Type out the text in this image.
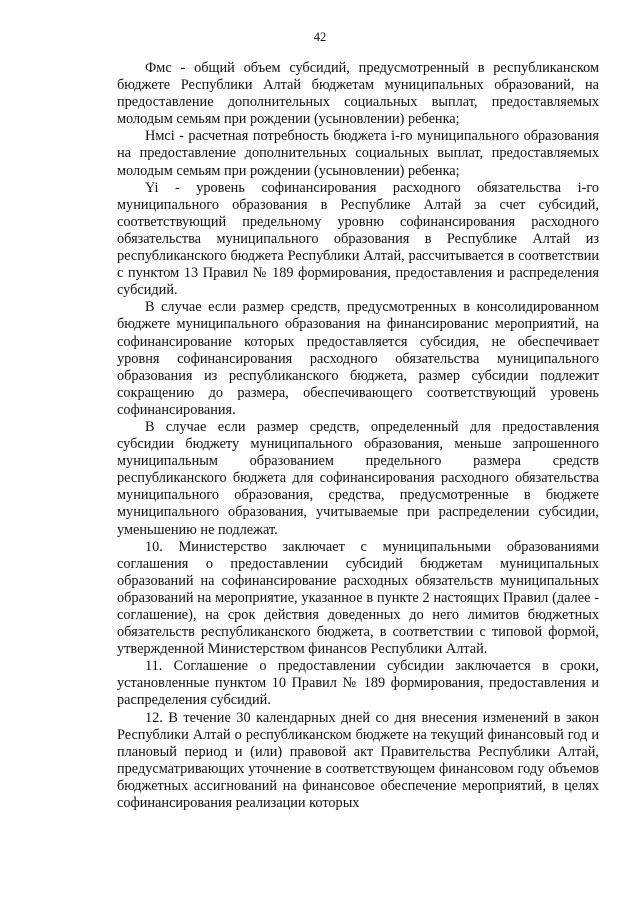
42

Фмс - общий объем субсидий, предусмотренный в республиканском бюджете Республики Алтай бюджетам муниципальных образований, на предоставление дополнительных социальных выплат, предоставляемых молодым семьям при рождении (усыновлении) ребенка;

Нмсi - расчетная потребность бюджета i-го муниципального образования на предоставление дополнительных социальных выплат, предоставляемых молодым семьям при рождении (усыновлении) ребенка;

Yi - уровень софинансирования расходного обязательства i-го муниципального образования в Республике Алтай за счет субсидий, соответствующий предельному уровню софинансирования расходного обязательства муниципального образования в Республике Алтай из республиканского бюджета Республики Алтай, рассчитывается в соответствии с пунктом 13 Правил № 189 формирования, предоставления и распределения субсидий.

В случае если размер средств, предусмотренных в консолидированном бюджете муниципального образования на финансированис мероприятий, на софинансирование которых предоставляется субсидия, не обеспечивает уровня софинансирования расходного обязательства муниципального образования из республиканского бюджета, размер субсидии подлежит сокращению до размера, обеспечивающего соответствующий уровень софинансирования.

В случае если размер средств, определенный для предоставления субсидии бюджету муниципального образования, меньше запрошенного муниципальным образованием предельного размера средств республиканского бюджета для софинансирования расходного обязательства муниципального образования, средства, предусмотренные в бюджете муниципального образования, учитываемые при распределении субсидии, уменьшению не подлежат.

10. Министерство заключает с муниципальными образованиями соглашения о предоставлении субсидий бюджетам муниципальных образований на софинансирование расходных обязательств муниципальных образований на мероприятие, указанное в пункте 2 настоящих Правил (далее - соглашение), на срок действия доведенных до него лимитов бюджетных обязательств республиканского бюджета, в соответствии с типовой формой, утвержденной Министерством финансов Республики Алтай.

11. Соглашение о предоставлении субсидии заключается в сроки, установленные пунктом 10 Правил № 189 формирования, предоставления и распределения субсидий.

12. В течение 30 календарных дней со дня внесения изменений в закон Республики Алтай о республиканском бюджете на текущий финансовый год и плановый период и (или) правовой акт Правительства Республики Алтай, предусматривающих уточнение в соответствующем финансовом году объемов бюджетных ассигнований на финансовое обеспечение мероприятий, в целях софинансирования реализации которых
